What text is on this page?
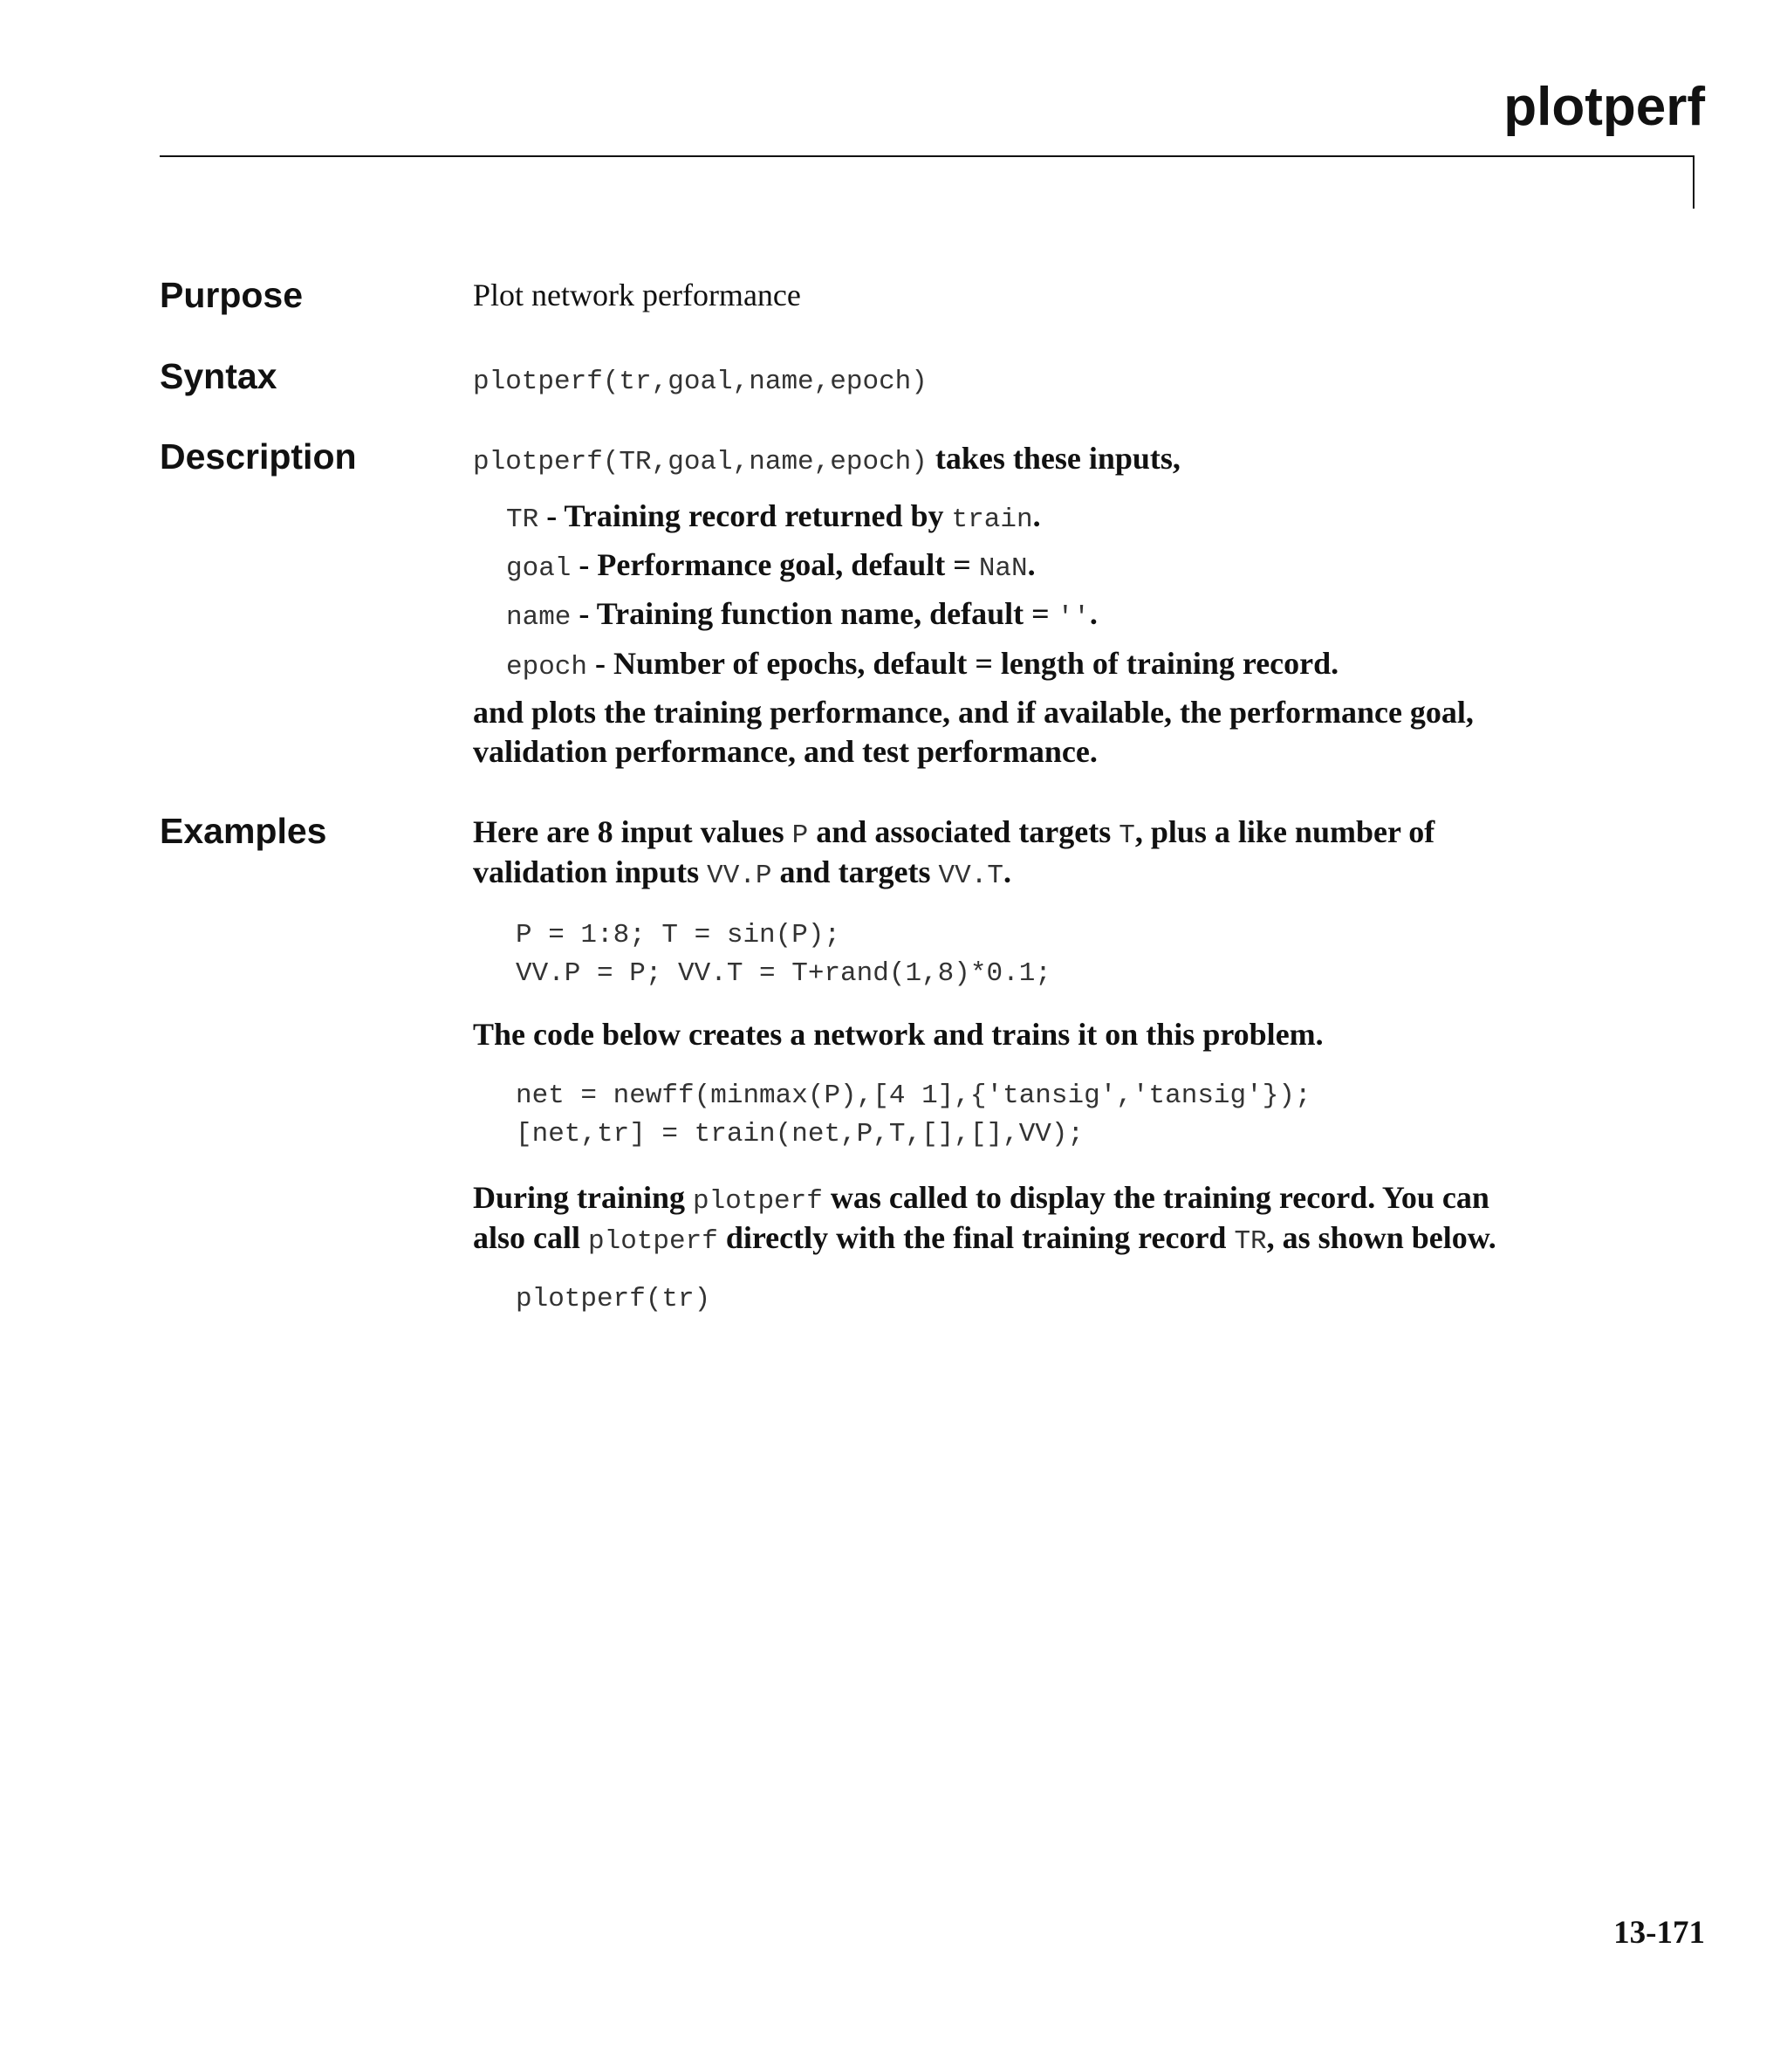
plotperf
Purpose	Plot network performance
Syntax	plotperf(tr,goal,name,epoch)
Description	plotperf(TR,goal,name,epoch) takes these inputs,
TR - Training record returned by train.
goal - Performance goal, default = NaN.
name - Training function name, default = ''.
epoch - Number of epochs, default = length of training record.
and plots the training performance, and if available, the performance goal,
validation performance, and test performance.
Examples	Here are 8 input values P and associated targets T, plus a like number of
validation inputs VV.P and targets VV.T.
P = 1:8; T = sin(P);
VV.P = P; VV.T = T+rand(1,8)*0.1;
The code below creates a network and trains it on this problem.
net = newff(minmax(P),[4 1],{'tansig','tansig'});
[net,tr] = train(net,P,T,[],[],VV);
During training plotperf was called to display the training record. You can
also call plotperf directly with the final training record TR, as shown below.
plotperf(tr)
13-171
